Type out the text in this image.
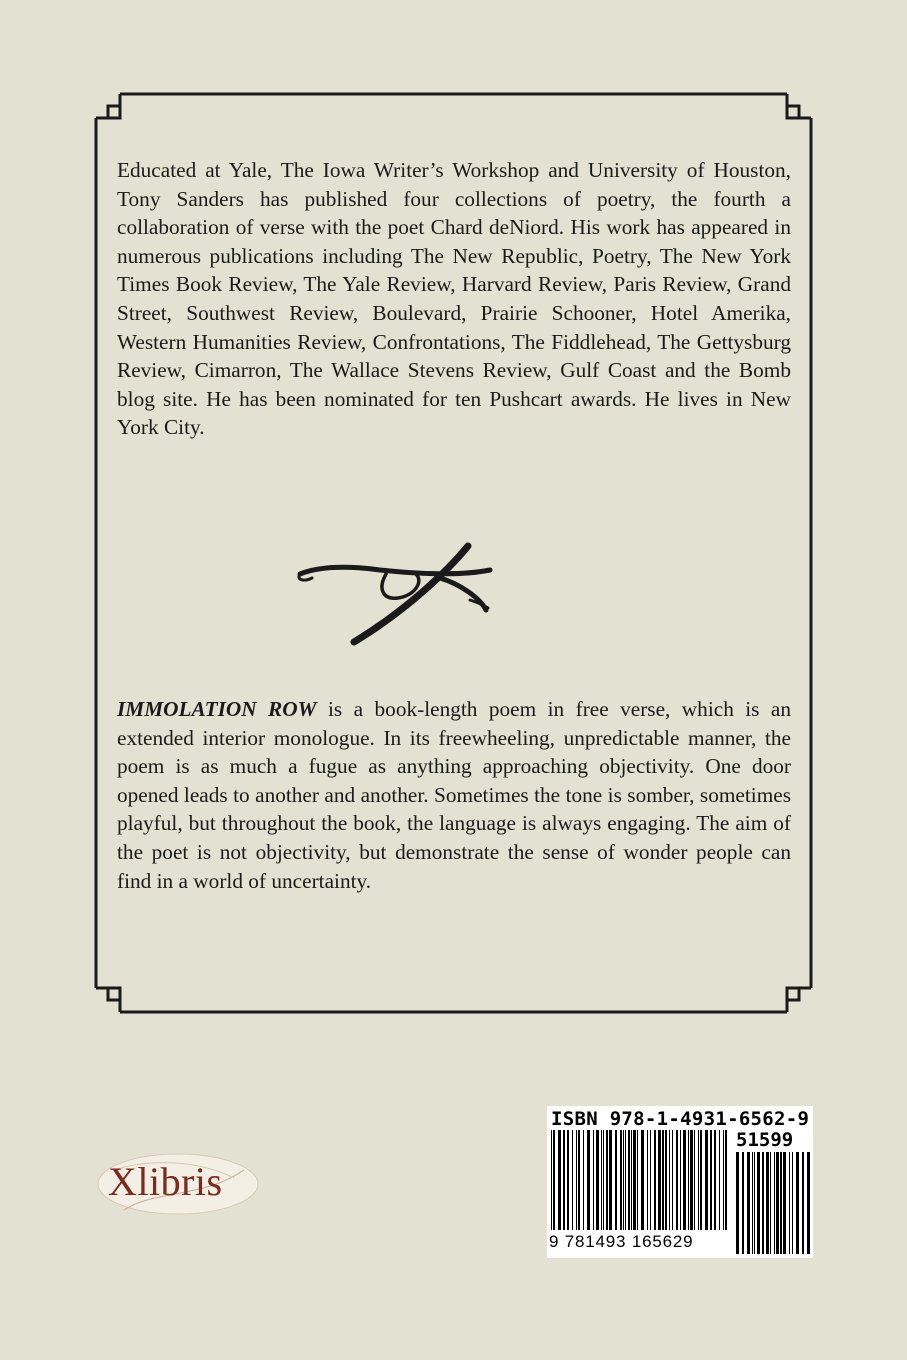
Educated at Yale, The Iowa Writer’s Workshop and University of Houston, Tony Sanders has published four collections of poetry, the fourth a collaboration of verse with the poet Chard deNiord. His work has appeared in numerous publications including The New Republic, Poetry, The New York Times Book Review, The Yale Review, Harvard Review, Paris Review, Grand Street, Southwest Review, Boulevard, Prairie Schooner, Hotel Amerika, Western Humanities Review, Confrontations, The Fiddlehead, The Gettysburg Review, Cimarron, The Wallace Stevens Review, Gulf Coast and the Bomb blog site. He has been nominated for ten Pushcart awards. He lives in New York City.

IMMOLATION ROW is a book-length poem in free verse, which is an extended interior monologue. In its freewheeling, unpredictable manner, the poem is as much a fugue as anything approaching objectivity. One door opened leads to another and another. Sometimes the tone is somber, sometimes playful, but throughout the book, the language is always engaging. The aim of the poet is not objectivity, but demonstrate the sense of wonder people can find in a world of uncertainty.

Xlibris
ISBN 978-1-4931-6562-9
51599
9 781493 165629
